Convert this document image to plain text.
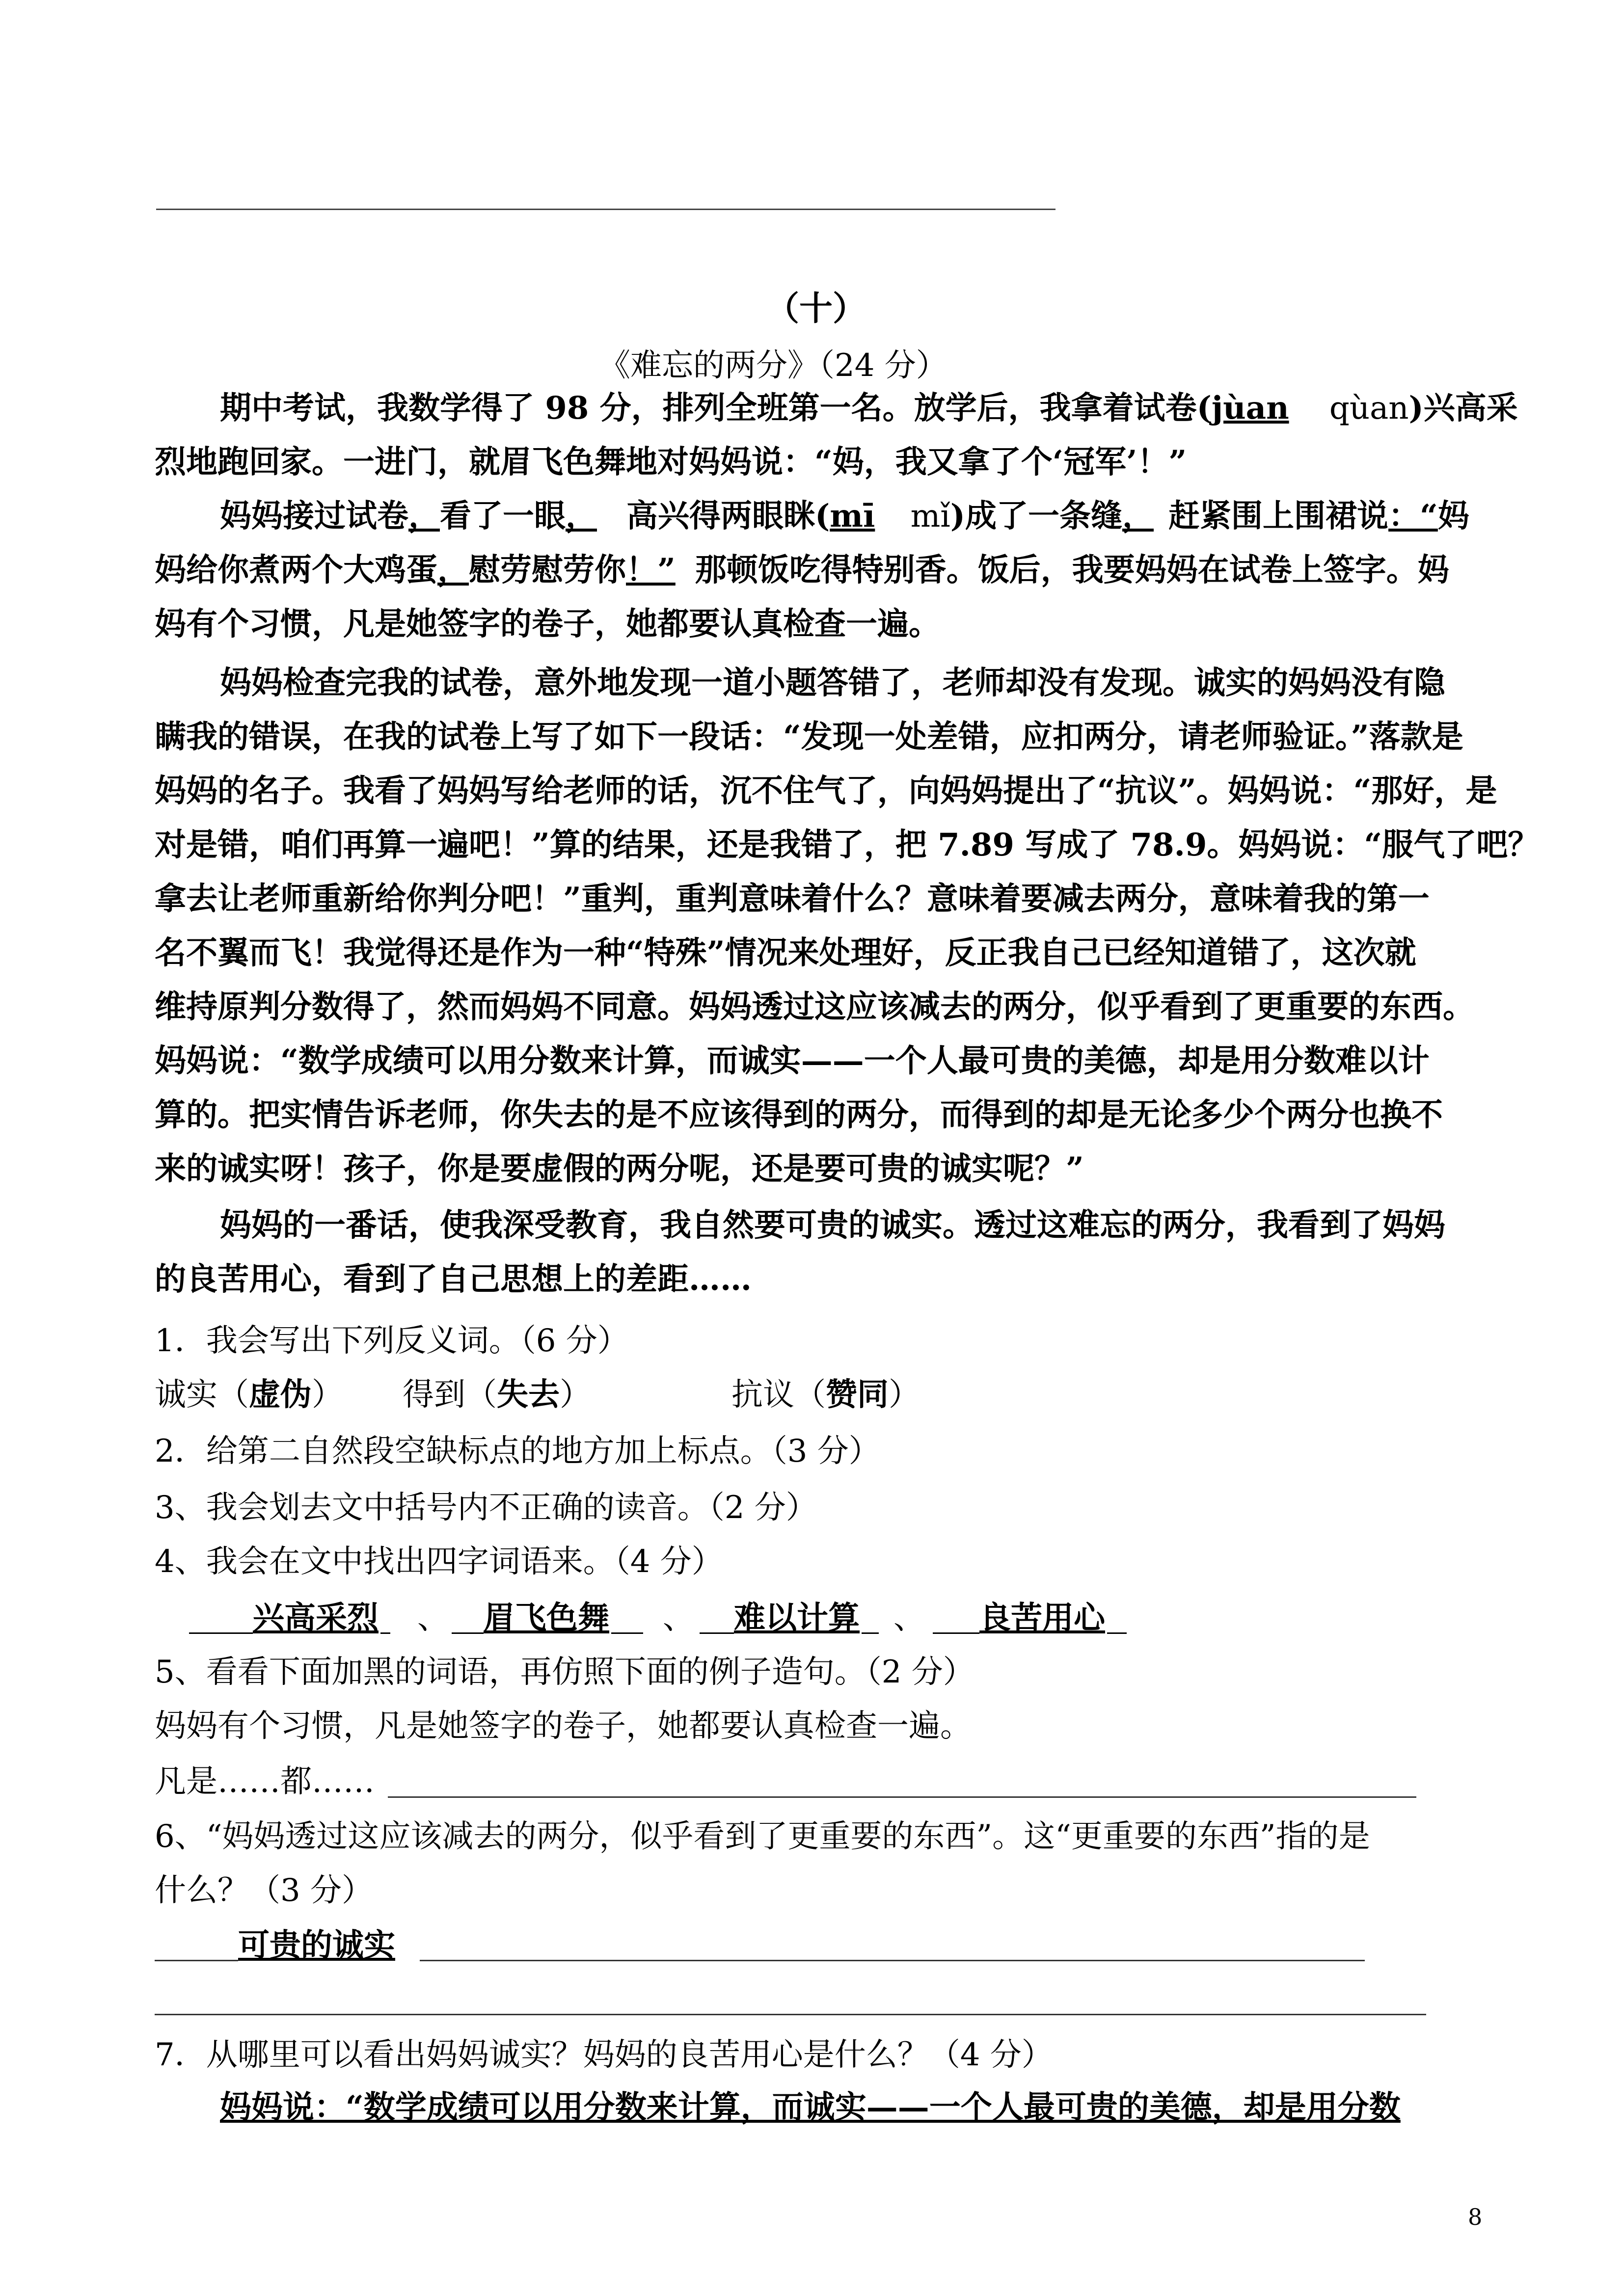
（十）
《难忘的两分》（24 分）
期中考试，我数学得了 98 分，排列全班第一名。放学后，我拿着试卷(jùan qùan)兴高采
烈地跑回家。一进门，就眉飞色舞地对妈妈说：“妈，我又拿了个‘冠军’！”
妈妈接过试卷，看了一眼， 高兴得两眼眯(mī mǐ)成了一条缝， 赶紧围上围裙说：“妈
妈给你煮两个大鸡蛋，慰劳慰劳你！” 那顿饭吃得特别香。饭后，我要妈妈在试卷上签字。妈
妈有个习惯，凡是她签字的卷子，她都要认真检查一遍。
妈妈检查完我的试卷，意外地发现一道小题答错了，老师却没有发现。诚实的妈妈没有隐
瞒我的错误，在我的试卷上写了如下一段话：“发现一处差错，应扣两分，请老师验证。”落款是
妈妈的名子。我看了妈妈写给老师的话，沉不住气了，向妈妈提出了“抗议”。妈妈说：“那好，是
对是错，咱们再算一遍吧！”算的结果，还是我错了，把 7.89 写成了 78.9。妈妈说：“服气了吧？
拿去让老师重新给你判分吧！”重判，重判意味着什么？意味着要减去两分，意味着我的第一
名不翼而飞！我觉得还是作为一种“特殊”情况来处理好，反正我自己已经知道错了，这次就
维持原判分数得了，然而妈妈不同意。妈妈透过这应该减去的两分，似乎看到了更重要的东西。
妈妈说：“数学成绩可以用分数来计算，而诚实——一个人最可贵的美德，却是用分数难以计
算的。把实情告诉老师，你失去的是不应该得到的两分，而得到的却是无论多少个两分也换不
来的诚实呀！孩子，你是要虚假的两分呢，还是要可贵的诚实呢？”
妈妈的一番话，使我深受教育，我自然要可贵的诚实。透过这难忘的两分，我看到了妈妈
的良苦用心，看到了自己思想上的差距……
1．我会写出下列反义词。（6 分）
诚实（虚伪） 得到（失去）	抗议（赞同）
2．给第二自然段空缺标点的地方加上标点。（3 分）
3、我会划去文中括号内不正确的读音。（2 分）
4、我会在文中找出四字词语来。（4 分）
兴高采烈 、 眉飞色舞 、 难以计算 、 良苦用心
5、看看下面加黑的词语，再仿照下面的例子造句。（2 分）
妈妈有个习惯，凡是她签字的卷子，她都要认真检查一遍。
凡是……都……
6、“妈妈透过这应该减去的两分，似乎看到了更重要的东西”。这“更重要的东西”指的是
什么？（3 分）
可贵的诚实
7．从哪里可以看出妈妈诚实？妈妈的良苦用心是什么？（4 分）
妈妈说：“数学成绩可以用分数来计算，而诚实——一个人最可贵的美德，却是用分数
8
